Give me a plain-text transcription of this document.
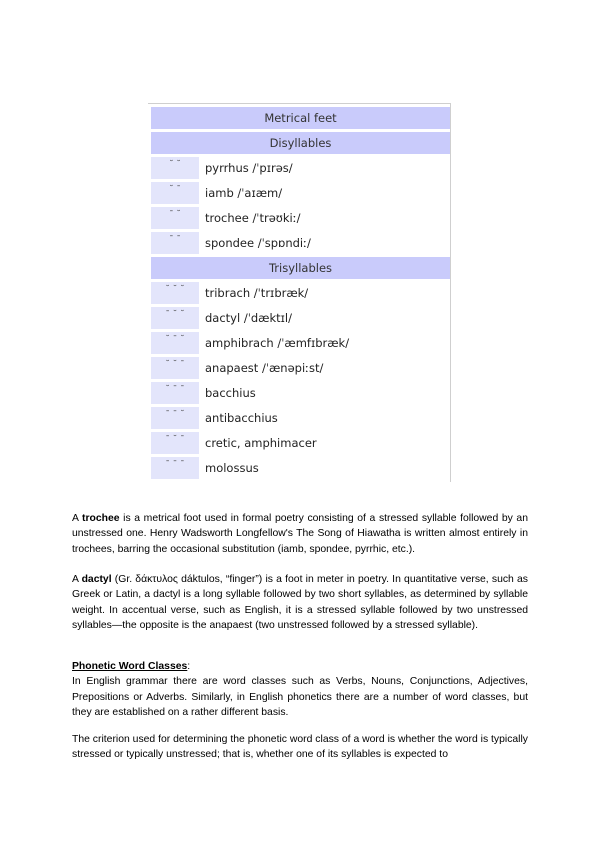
Metrical feet
Disyllables
˘ ˘	pyrrhus /ˈpɪrəs/
˘ ¯	iamb /ˈaɪæm/
¯ ˘	trochee /ˈtrəʊkiː/
¯ ¯	spondee /ˈspɒndiː/
Trisyllables
˘ ˘ ˘	tribrach /ˈtrɪbræk/
¯ ˘ ˘	dactyl /ˈdæktɪl/
˘ ¯ ˘	amphibrach /ˈæmfɪbræk/
˘ ˘ ¯	anapaest /ˈænəpiːst/
˘ ¯ ¯	bacchius
¯ ¯ ˘	antibacchius
¯ ˘ ¯	cretic, amphimacer
¯ ¯ ¯	molossus

A trochee is a metrical foot used in formal poetry consisting of a stressed syllable followed by an unstressed one. Henry Wadsworth Longfellow's The Song of Hiawatha is written almost entirely in trochees, barring the occasional substitution (iamb, spondee, pyrrhic, etc.).

A dactyl (Gr. δάκτυλος dáktulos, “finger”) is a foot in meter in poetry. In quantitative verse, such as Greek or Latin, a dactyl is a long syllable followed by two short syllables, as determined by syllable weight. In accentual verse, such as English, it is a stressed syllable followed by two unstressed syllables—the opposite is the anapaest (two unstressed followed by a stressed syllable).

Phonetic Word Classes:

In English grammar there are word classes such as Verbs, Nouns, Conjunctions, Adjectives, Prepositions or Adverbs. Similarly, in English phonetics there are a number of word classes, but they are established on a rather different basis.

The criterion used for determining the phonetic word class of a word is whether the word is typically stressed or typically unstressed; that is, whether one of its syllables is expected to
